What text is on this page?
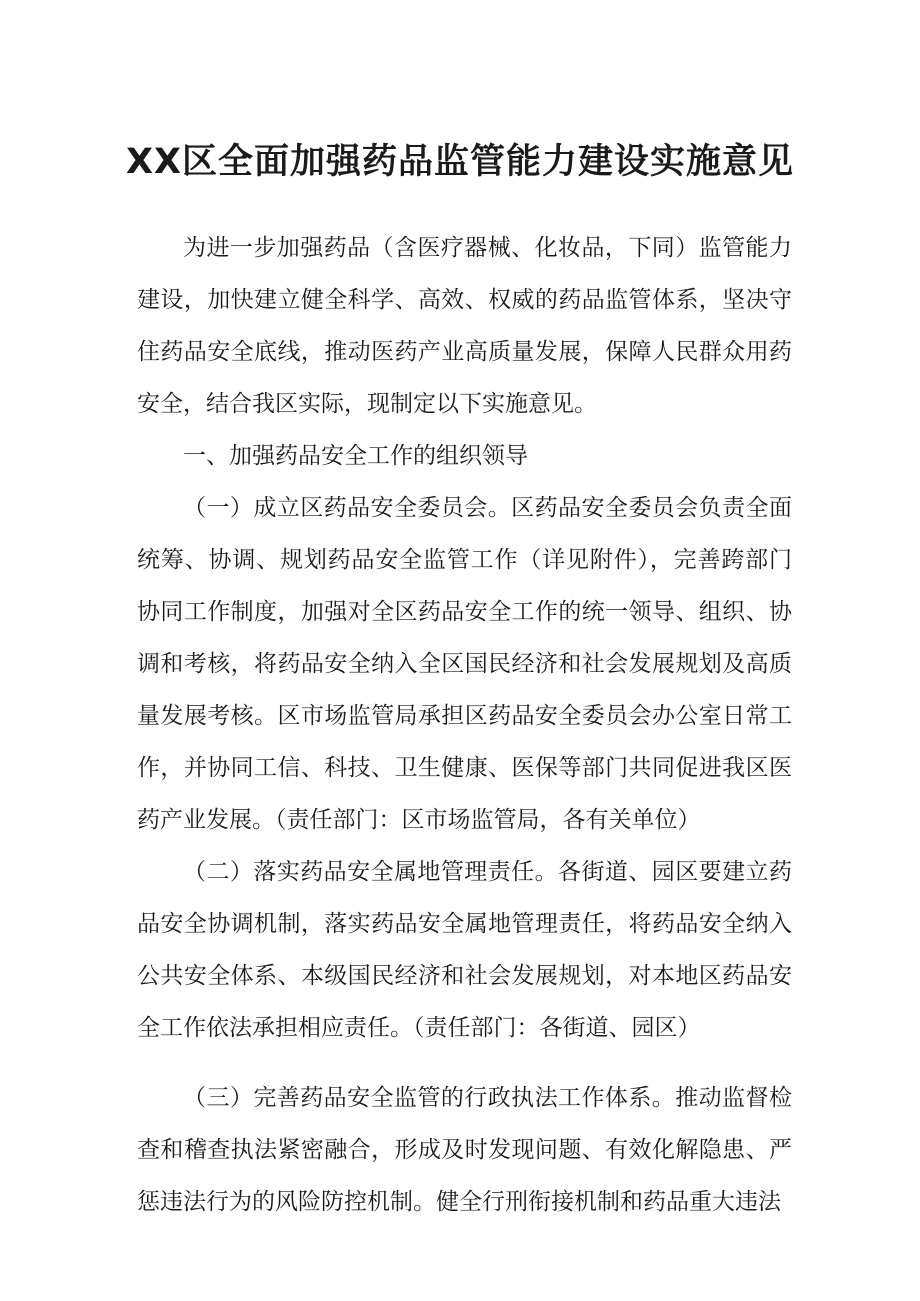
XX区全面加强药品监管能力建设实施意见

为进一步加强药品（含医疗器械、化妆品，下同）监管能力建设，加快建立健全科学、高效、权威的药品监管体系，坚决守住药品安全底线，推动医药产业高质量发展，保障人民群众用药安全，结合我区实际，现制定以下实施意见。

一、加强药品安全工作的组织领导

（一）成立区药品安全委员会。区药品安全委员会负责全面统筹、协调、规划药品安全监管工作（详见附件），完善跨部门协同工作制度，加强对全区药品安全工作的统一领导、组织、协调和考核，将药品安全纳入全区国民经济和社会发展规划及高质量发展考核。区市场监管局承担区药品安全委员会办公室日常工作，并协同工信、科技、卫生健康、医保等部门共同促进我区医药产业发展。（责任部门：区市场监管局，各有关单位）

（二）落实药品安全属地管理责任。各街道、园区要建立药品安全协调机制，落实药品安全属地管理责任，将药品安全纳入公共安全体系、本级国民经济和社会发展规划，对本地区药品安全工作依法承担相应责任。（责任部门：各街道、园区）

（三）完善药品安全监管的行政执法工作体系。推动监督检查和稽查执法紧密融合，形成及时发现问题、有效化解隐患、严惩违法行为的风险防控机制。健全行刑衔接机制和药品重大违法
